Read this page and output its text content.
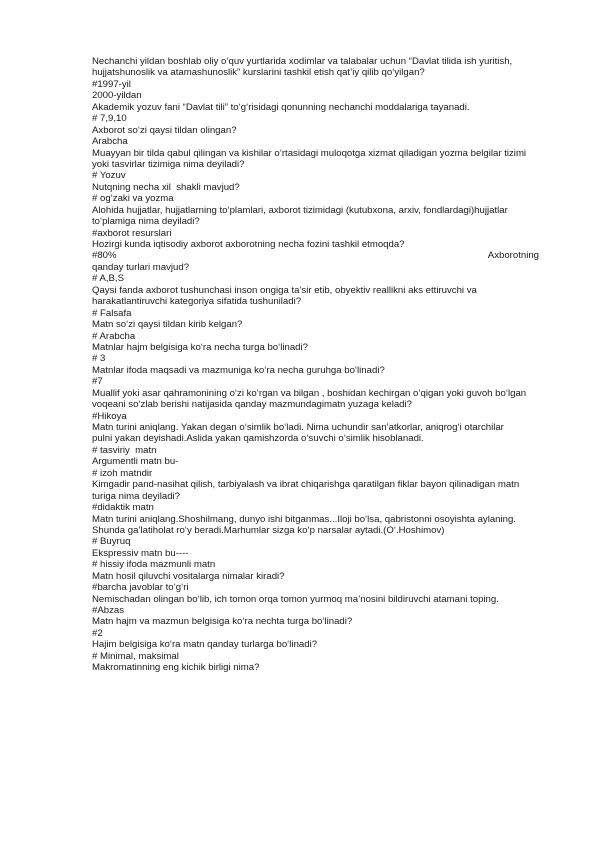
Nechanchi yildan boshlab oliy o‘quv yurtlarida xodimlar va talabalar uchun “Davlat tilida ish yuritish,
hujjatshunoslik va atamashunoslik” kurslarini tashkil etish qat’iy qilib qo‘yilgan?
#1997-yil
2000-yildan
Akademik yozuv fani “Davlat tili” to‘g‘risidagi qonunning nechanchi moddalariga tayanadi.
# 7,9,10
Axborot so‘zi qaysi tildan olingan?
Arabcha
Muayyan bir tilda qabul qilingan va kishilar o‘rtasidagi muloqotga xizmat qiladigan yozma belgilar tizimi
yoki tasvirlar tizimiga nima deyiladi?
# Yozuv
Nutqning necha xil  shakli mavjud?
# og‘zaki va yozma
Alohida hujjatlar, hujjatlarning to‘plamlari, axborot tizimidagi (kutubxona, arxiv, fondlardagi)hujjatlar
to‘plamiga nima deyiladi?
#axborot resurslari
Hozirgi kunda iqtisodiy axborot axborotning necha fozini tashkil etmoqda?
#80%	Axborotning
qanday turlari mavjud?
# A,B,S
Qaysi fanda axborot tushunchasi inson ongiga ta’sir etib, obyektiv reallikni aks ettiruvchi va
harakatlantiruvchi kategoriya sifatida tushuniladi?
# Falsafa
Matn so‘zi qaysi tildan kirib kelgan?
# Arabcha
Matnlar hajm belgisiga ko‘ra necha turga bo‘linadi?
# 3
Matnlar ifoda maqsadi va mazmuniga ko‘ra necha guruhga bo‘linadi?
#7
Muallif yoki asar qahramonining o‘zi ko‘rgan va bilgan , boshidan kechirgan o‘qigan yoki guvoh bo‘lgan
voqeani so‘zlab berishi natijasida qanday mazmundagimatn yuzaga keladi?
#Hikoya
Matn turini aniqlang. Yakan degan o‘simlik bo‘ladi. Nima uchundir san’atkorlar, aniqrog‘i otarchilar
pulni yakan deyishadi.Aslida yakan qamishzorda o‘suvchi o‘simlik hisoblanadi.
# tasviriy  matn
Argumentli matn bu-
# izoh matndir
Kimgadir pand-nasihat qilish, tarbiyalash va ibrat chiqarishga qaratilgan fiklar bayon qilinadigan matn
turiga nima deyiladi?
#didaktik matn
Matn turini aniqlang.Shoshilmang, dunyo ishi bitganmas...Iloji bo‘lsa, qabristonni osoyishta aylaning.
Shunda ga’latiholat ro‘y beradi.Marhumlar sizga ko‘p narsalar aytadi.(O‘.Hoshimov)
# Buyruq
Ekspressiv matn bu----
# hissiy ifoda mazmunli matn
Matn hosil qiluvchi vositalarga nimalar kiradi?
#barcha javoblar to‘g‘ri
Nemischadan olingan bo‘lib, ich tomon orqa tomon yurmoq ma’nosini bildiruvchi atamani toping.
#Abzas
Matn hajm va mazmun belgisiga ko‘ra nechta turga bo‘linadi?
#2
Hajim belgisiga ko‘ra matn qanday turlarga bo‘linadi?
# Minimal, maksimal
Makromatinning eng kichik birligi nima?
